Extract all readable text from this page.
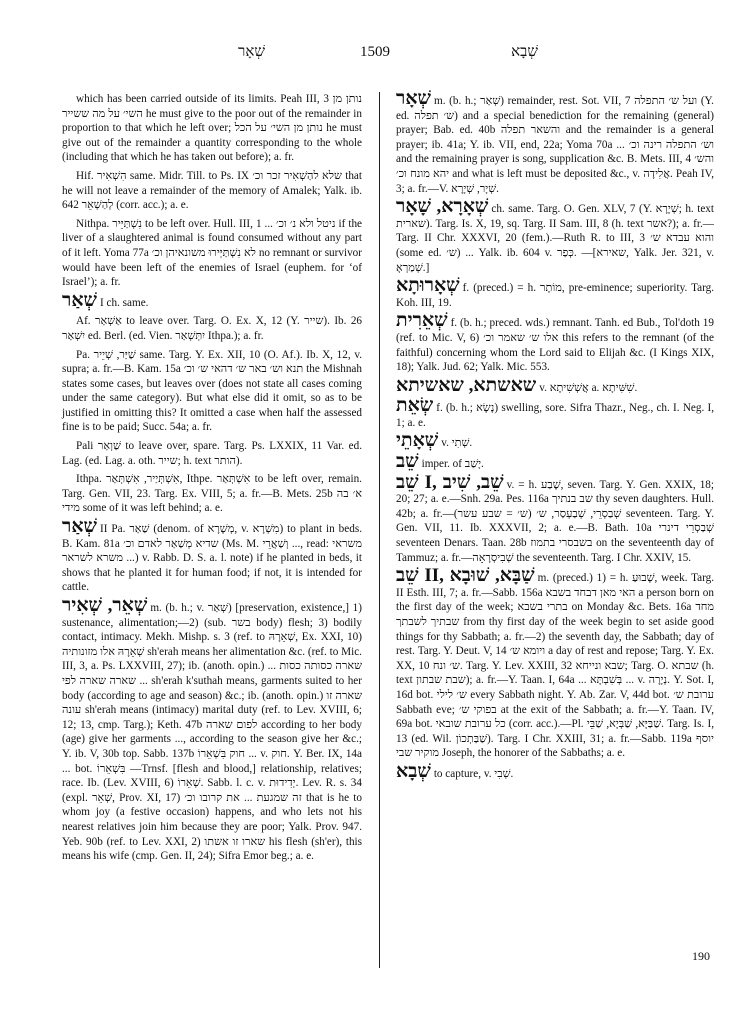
שְׁאָר	1509	שְׁבָא

which has been carried outside of its limits. Peah III, 3 נותן מן השי׳ על מה ששייר he must give to the poor out of the remainder in proportion to that which he left over; נותן מן השי׳ על הכל he must give out of the remainder a quantity corresponding to the whole (including that which he has taken out before); a. fr.

Hif. הִשְׁאִיר same. Midr. Till. to Ps. IX שלא להַשְׁאִיר זכר וכ׳ that he will not leave a remainder of the memory of Amalek; Yalk. ib. 642 לְהַשְׁאֵר (corr. acc.); a. e.

Nithpa. נִשְׁתַּיֵּיר to be left over. Hull. III, 1 ... ניטל ולא נ׳ וכ׳ if the liver of a slaughtered animal is found consumed without any part of it left. Yoma 77a לא נִשְׁתַּיְּירוּ משונאיהן וכ׳ no remnant or survivor would have been left of the enemies of Israel (euphem. for ‘of Israel’); a. fr.

שְׁאַר I ch. same.

Af. אַשְׁאַר to leave over. Targ. O. Ex. X, 12 (Y. שייר). Ib. 26 יִשְׁאַר ed. Berl. (ed. Vien. יִתְּשְׁאַר Ithpa.); a. fr.

Pa. שַׁיַּר, שְׁיֵיר same. Targ. Y. Ex. XII, 10 (O. Af.). Ib. X, 12, v. supra; a. fr.—B. Kam. 15a תנא וש׳ באר ש׳ דהאי ש׳ וכ׳ the Mishnah states some cases, but leaves over (does not state all cases coming under the same category). But what else did it omit, so as to be justified in omitting this? It omitted a case when half the assessed fine is to be paid; Succ. 54a; a. fr.

Pali שַׁוְאַר to leave over, spare. Targ. Ps. LXXIX, 11 Var. ed. Lag. (ed. Lag. a. oth. שייר; h. text הותר).

Ithpa. אִשְׁתְּיַיר, אִשְׁתְּאַר, Ithpe. אִשְׁתְּאַר to be left over, remain. Targ. Gen. VII, 23. Targ. Ex. VIII, 5; a. fr.—B. Mets. 25b א׳ בה מידי some of it was left behind; a. e.

שְׁאַר II Pa. שַׁאַר (denom. of מְשָׁרָא, v. מִשְׁרָא) to plant in beds. B. Kam. 81a שדיא מְשַׁאַר לאדם וכ׳ (Ms. M. וְשַׁאֲרֵי ..., read: משראי ... משרא לשראר) v. Rabb. D. S. a. l. note) if he planted in beds, it shows that he planted it for human food; if not, it is intended for cattle.

שְׁאֵר, שְׁאִיר m. (b. h.; v. שְׁאַר) [preservation, existence,] 1) sustenance, alimentation;—2) (sub. בשר body) flesh; 3) bodily contact, intimacy. Mekh. Mishp. s. 3 (ref. to שְׁאֵרָהּ, Ex. XXI, 10) שְׁאֵרָהּ אלו מזונותיה sh'erah means her alimentation &c. (ref. to Mic. III, 3, a. Ps. LXXVIII, 27); ib. (anoth. opin.) ... שארה כסותה כסות ... שארה שארה לפי sh'erah k'suthah means, garments suited to her body (according to age and season) &c.; ib. (anoth. opin.) שארה זו עונה sh'erah means (intimacy) marital duty (ref. to Lev. XVIII, 6; 12; 13, cmp. Targ.); Keth. 47b לפום שארה according to her body (age) give her garments ..., according to the season give her &c.; Y. ib. V, 30b top. Sabb. 137b חוק בִּשְׁאֵרוֹ ... v. חוק. Y. Ber. IX, 14a ... bot. בִּשְׁאֵרוֹ —Trnsf. [flesh and blood,] relationship, relatives; race. Ib. (Lev. XVIII, 6) שְׁאֵרוֹ. Sabb. l. c. v. יְדִידוּת. Lev. R. s. 34 (expl. שְׁאֵר, Prov. XI, 17) זה שמגעת ... את קרובו וכ׳ that is he to whom joy (a festive occasion) happens, and who lets not his nearest relatives join him because they are poor; Yalk. Prov. 947. Yeb. 90b (ref. to Lev. XXI, 2) שארו זו אשתו his flesh (sh'er), this means his wife (cmp. Gen. II, 24); Sifra Emor beg.; a. e.

שְׁאָר m. (b. h.; שְׁאַר) remainder, rest. Sot. VII, 7 ועל ש׳ התפלה (Y. ed. ש׳ תפלה) and a special benediction for the remaining (general) prayer; Bab. ed. 40b והשאר תפלה and the remainder is a general prayer; ib. 41a; Y. ib. VII, end, 22a; Yoma 70a ... וש׳ התפלה רינה וכ׳ and the remaining prayer is song, supplication &c. B. Mets. III, 4 והש׳ יהא מונח וכ׳ and what is left must be deposited &c., v. אֲלִידָה. Peah IV, 3; a. fr.—V. שְׁיָר, שְׁיָרָא.

שְׁאָרָא, שָׁאָר ch. same. Targ. O. Gen. XLV, 7 (Y. שְׁיָרָא; h. text שארית). Targ. Is. X, 19, sq. Targ. II Sam. III, 8 (h. text אשר?); a. fr.—Targ. II Chr. XXXVI, 20 (fem.).—Ruth R. to III, 3 והוא עבדא ש׳ (some ed. ש׳) ... Yalk. ib. 604 v. כְּפַר. —[שאירא, Yalk. Jer. 321, v. שְׁמַרְאָ.]

שְׁאָרוּתָא f. (preced.) = h. מוֹתָר, pre-eminence; superiority. Targ. Koh. III, 19.

שְׁאֵרִית f. (b. h.; preced. wds.) remnant. Tanh. ed Bub., Tol'doth 19 (ref. to Mic. V, 6) אלו ש׳ שאמר וכ׳ this refers to the remnant (of the faithful) concerning whom the Lord said to Elijah &c. (I Kings XIX, 18); Yalk. Jud. 62; Yalk. Mic. 553.

שאשתא, שאשיתא v. אֲשְׁשִׁיתָא a. שִׁשִּׁיתָא.

שְׂאֵת f. (b. h.; נָשָׂא) swelling, sore. Sifra Thazr., Neg., ch. I. Neg. I, 1; a. e.

שְׁאָתֵי v. שְׁתִי.

שֵׁב imper. of יָשַׁב.

שֵׁב I, שֵׁב, שִׁיב v. = h. שֶׁבַע, seven. Targ. Y. Gen. XXIX, 18; 20; 27; a. e.—Snh. 29a. Pes. 116a שב בנתיך thy seven daughters. Hull. 42b; a. fr.—שְׁבַסְרֵי, שְׁבַעְסַר, ש׳ (ש׳ = שבע עשר) seventeen. Targ. Y. Gen. VII, 11. Ib. XXXVII, 2; a. e.—B. Bath. 10a שְׁבַסְרֵי דינרי seventeen Denars. Taan. 28b בשבסרי בתמוז on the seventeenth day of Tammuz; a. fr.—שְׁבִיסְרָאָה the seventeenth. Targ. I Chr. XXIV, 15.

שֵׁב II, שַׁבָּא, שׁוּבָא m. (preced.) 1) = h. שָׁבוּעַ, week. Targ. II Esth. III, 7; a. fr.—Sabb. 156a האי מאן דבחד בשבא a person born on the first day of the week; בתרי בשבא on Monday &c. Bets. 16a מחד שבתיך לשבתך from thy first day of the week begin to set aside good things for thy Sabbath; a. fr.—2) the seventh day, the Sabbath; day of rest. Targ. Y. Deut. V, 14 ויומא ש׳ a day of rest and repose; Targ. Y. Ex. XX, 10 ש׳ ונח. Targ. Y. Lev. XXIII, 32 שבא ונייחא; Targ. O. שבתא (h. text שבת שבתון); a. fr.—Y. Taan. I, 64a ... בְּשִׁבְתָּא ... v. נְיָרָה. Y. Sot. I, 16d bot. ש׳ לילי every Sabbath night. Y. Ab. Zar. V, 44d bot. ערובת ש׳ Sabbath eve; בפוקי ש׳ at the exit of the Sabbath; a. fr.—Y. Taan. IV, 69a bot. כל ערובת שובאי (corr. acc.).—Pl. שַׁבַּיָּא, שַׁבְּיָא, שַׁבֵּי. Targ. Is. I, 13 (ed. Wil. שַׁבַּתְכוֹן). Targ. I Chr. XXIII, 31; a. fr.—Sabb. 119a יוסף מוקיר שבי Joseph, the honorer of the Sabbaths; a. e.

שְׁבָא to capture, v. שְׁבִי.

190
